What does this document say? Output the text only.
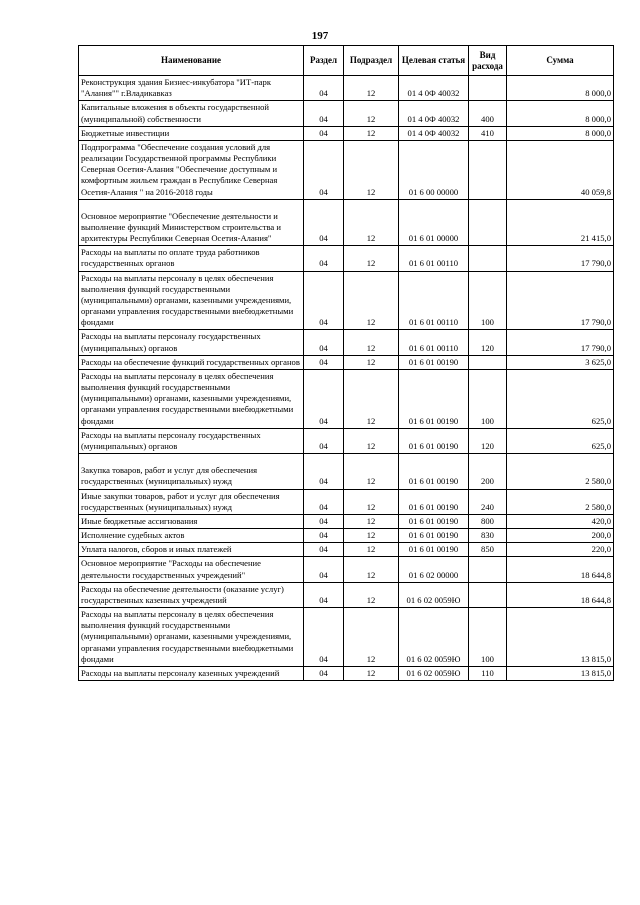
197
Наименование	Раздел	Подраздел	Целевая статья	Вид расхода	Сумма
Реконструкция здания Бизнес-инкубатора "ИТ-парк "Алания"" г.Владикавказ	04	12	01 4 0Ф 40032		8 000,0
Капитальные вложения в объекты государственной (муниципальной) собственности	04	12	01 4 0Ф 40032	400	8 000,0
Бюджетные инвестиции	04	12	01 4 0Ф 40032	410	8 000,0
Подпрограмма "Обеспечение создания условий для реализации Государственной программы Республики Северная Осетия-Алания "Обеспечение доступным и комфортным жильем граждан в Республике Северная Осетия-Алания " на 2016-2018 годы	04	12	01 6 00 00000		40 059,8
Основное мероприятие "Обеспечение деятельности и выполнение функций Министерством строительства и архитектуры Республики Северная Осетия-Алания"	04	12	01 6 01 00000		21 415,0
Расходы на выплаты по оплате труда работников государственных органов	04	12	01 6 01 00110		17 790,0
Расходы на выплаты персоналу в целях обеспечения выполнения функций государственными (муниципальными) органами, казенными учреждениями, органами управления государственными внебюджетными фондами	04	12	01 6 01 00110	100	17 790,0
Расходы на выплаты персоналу государственных (муниципальных) органов	04	12	01 6 01 00110	120	17 790,0
Расходы на обеспечение функций государственных органов	04	12	01 6 01 00190		3 625,0
Расходы на выплаты персоналу в целях обеспечения выполнения функций государственными (муниципальными) органами, казенными учреждениями, органами управления государственными внебюджетными фондами	04	12	01 6 01 00190	100	625,0
Расходы на выплаты персоналу государственных (муниципальных) органов	04	12	01 6 01 00190	120	625,0
Закупка товаров, работ и услуг для обеспечения государственных (муниципальных) нужд	04	12	01 6 01 00190	200	2 580,0
Иные закупки товаров, работ и услуг для обеспечения государственных (муниципальных) нужд	04	12	01 6 01 00190	240	2 580,0
Иные бюджетные ассигнования	04	12	01 6 01 00190	800	420,0
Исполнение судебных актов	04	12	01 6 01 00190	830	200,0
Уплата налогов, сборов и иных платежей	04	12	01 6 01 00190	850	220,0
Основное мероприятие "Расходы на обеспечение деятельности государственных учреждений"	04	12	01 6 02 00000		18 644,8
Расходы на обеспечение деятельности (оказание услуг) государственных казенных учреждений	04	12	01 6 02 0059Ю		18 644,8
Расходы на выплаты персоналу в целях обеспечения выполнения функций государственными (муниципальными) органами, казенными учреждениями, органами управления государственными внебюджетными фондами	04	12	01 6 02 0059Ю	100	13 815,0
Расходы на выплаты персоналу казенных учреждений	04	12	01 6 02 0059Ю	110	13 815,0
